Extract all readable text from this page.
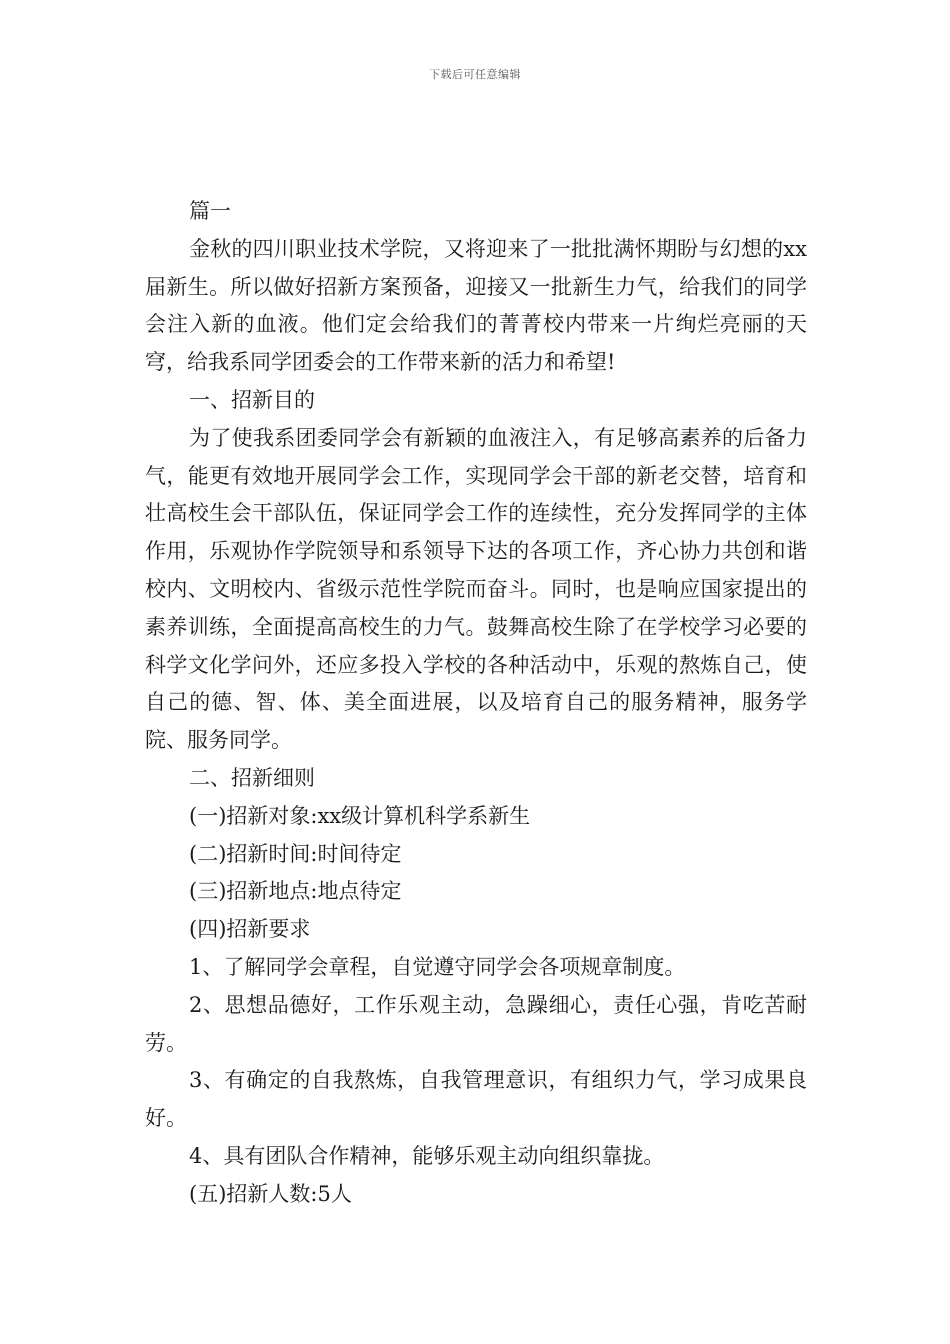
下载后可任意编辑

篇一

金秋的四川职业技术学院，又将迎来了一批批满怀期盼与幻想的xx届新生。所以做好招新方案预备，迎接又一批新生力气，给我们的同学会注入新的血液。他们定会给我们的菁菁校内带来一片绚烂亮丽的天穹，给我系同学团委会的工作带来新的活力和希望!

一、招新目的

为了使我系团委同学会有新颖的血液注入，有足够高素养的后备力气，能更有效地开展同学会工作，实现同学会干部的新老交替，培育和壮高校生会干部队伍，保证同学会工作的连续性，充分发挥同学的主体作用，乐观协作学院领导和系领导下达的各项工作，齐心协力共创和谐校内、文明校内、省级示范性学院而奋斗。同时，也是响应国家提出的素养训练，全面提高高校生的力气。鼓舞高校生除了在学校学习必要的科学文化学问外，还应多投入学校的各种活动中，乐观的熬炼自己，使自己的德、智、体、美全面进展，以及培育自己的服务精神，服务学院、服务同学。

二、招新细则

(一)招新对象:xx级计算机科学系新生

(二)招新时间:时间待定

(三)招新地点:地点待定

(四)招新要求

1、了解同学会章程，自觉遵守同学会各项规章制度。

2、思想品德好，工作乐观主动，急躁细心，责任心强，肯吃苦耐劳。

3、有确定的自我熬炼，自我管理意识，有组织力气，学习成果良好。

4、具有团队合作精神，能够乐观主动向组织靠拢。

(五)招新人数:5人
